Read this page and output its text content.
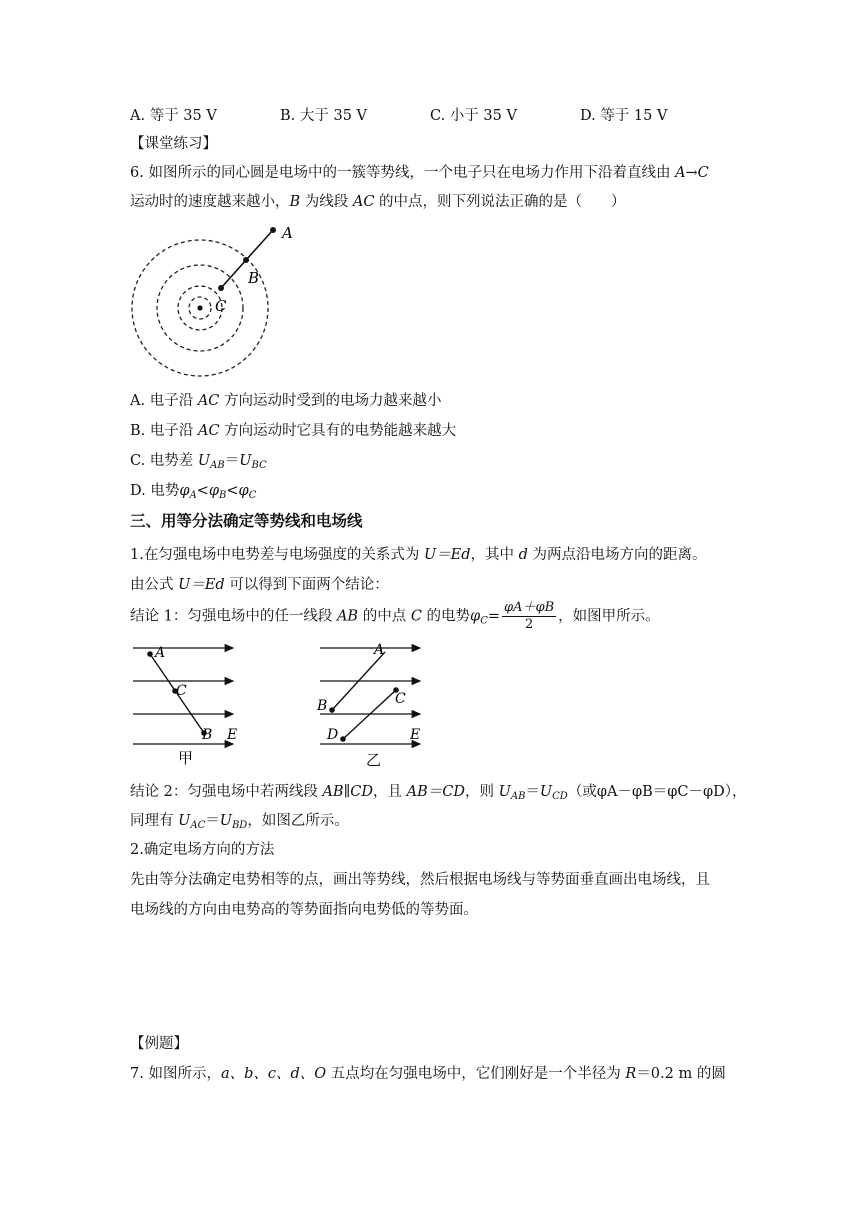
A. 等于 35 V	B. 大于 35 V	C. 小于 35 V	D. 等于 15 V
【课堂练习】
6. 如图所示的同心圆是电场中的一簇等势线，一个电子只在电场力作用下沿着直线由 A→C
运动时的速度越来越小，B 为线段 AC 的中点，则下列说法正确的是（　　）
A
B
C
A. 电子沿 AC 方向运动时受到的电场力越来越小
B. 电子沿 AC 方向运动时它具有的电势能越来越大
C. 电势差 $U_{AB}=U_{BC}$
D. 电势$\varphi_A<\varphi_B<\varphi_C$
三、用等分法确定等势线和电场线
1.在匀强电场中电势差与电场强度的关系式为 U＝Ed，其中 d 为两点沿电场方向的距离。
由公式 U＝Ed 可以得到下面两个结论：
结论 1：匀强电场中的任一线段 AB 的中点 C 的电势$\varphi_C= \frac{\varphi A+\varphi B}{2}$ ，如图甲所示。
A
C
B E
甲
A
B	C
D	E
乙
结论 2：匀强电场中若两线段 AB∥CD，且 AB＝CD，则 $U_{AB}=U_{CD}$（或φA－φB＝φC－φD），
同理有 $U_{AC}=U_{BD}$，如图乙所示。
2.确定电场方向的方法
先由等分法确定电势相等的点，画出等势线，然后根据电场线与等势面垂直画出电场线，且
电场线的方向由电势高的等势面指向电势低的等势面。
【例题】
7. 如图所示，a、b、c、d、O 五点均在匀强电场中，它们刚好是一个半径为 R＝0.2 m 的圆
